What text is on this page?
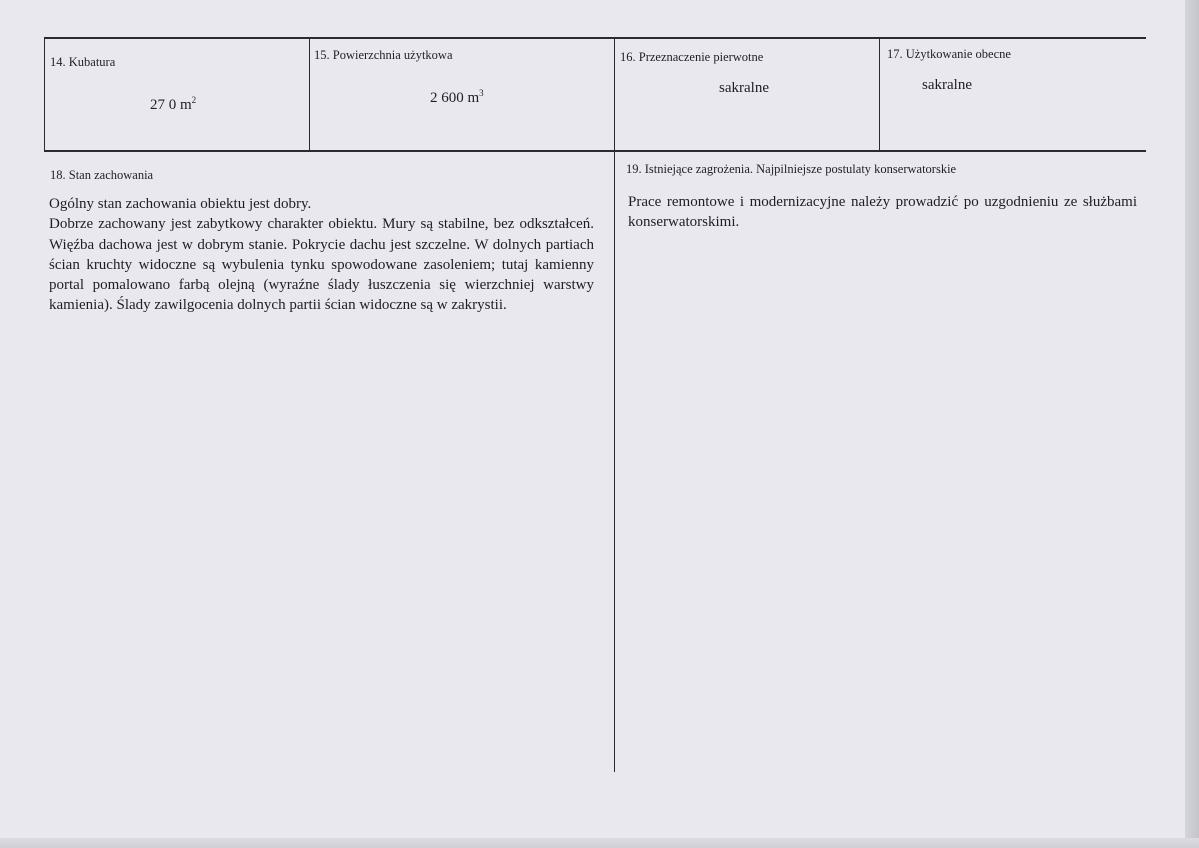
14. Kubatura
27 0 $m^2$
15. Powierzchnia użytkowa
2 600 $m^3$
16. Przeznaczenie pierwotne
sakralne
17. Użytkowanie obecne
sakralne
18. Stan zachowania

Ogólny stan zachowania obiektu jest dobry.

Dobrze zachowany jest zabytkowy charakter obiektu. Mury są stabilne, bez odkształceń. Więźba dachowa jest w dobrym stanie. Pokrycie dachu jest szczelne. W dolnych partiach ścian kruchty widoczne są wybulenia tynku spowodowane zasoleniem; tutaj kamienny portal pomalowano farbą olejną (wyraźne ślady łuszczenia się wierzchniej warstwy kamienia). Ślady zawilgocenia dolnych partii ścian widoczne są w zakrystii.

19. Istniejące zagrożenia. Najpilniejsze postulaty konserwatorskie
Prace remontowe i modernizacyjne należy prowadzić po uzgodnieniu ze służbami konserwatorskimi.
